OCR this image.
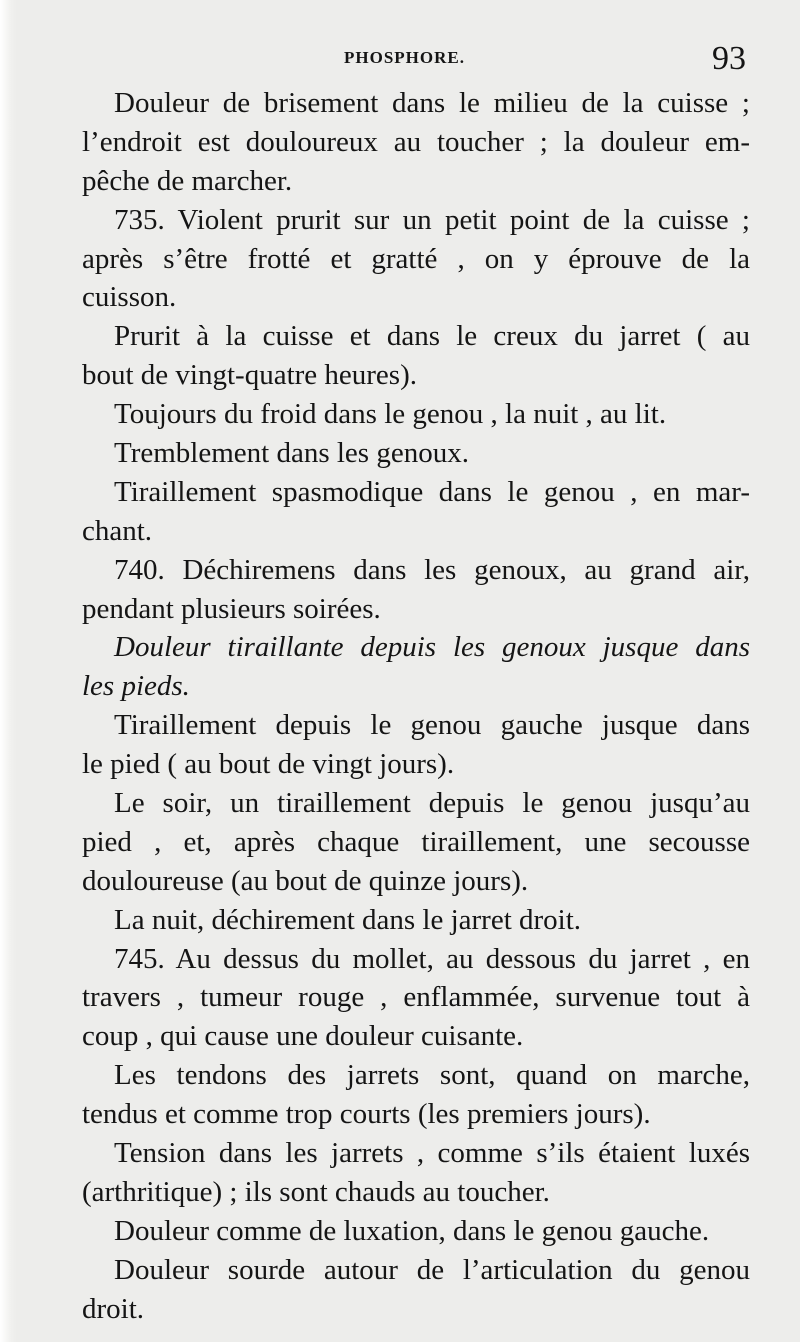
PHOSPHORE.	93
Douleur de brisement dans le milieu de la cuisse ;
l’endroit est douloureux au toucher ; la douleur em-
pêche de marcher.
735. Violent prurit sur un petit point de la cuisse ;
après s’être frotté et gratté , on y éprouve de la
cuisson.
Prurit à la cuisse et dans le creux du jarret ( au
bout de vingt-quatre heures).
Toujours du froid dans le genou , la nuit , au lit.
Tremblement dans les genoux.
Tiraillement spasmodique dans le genou , en mar-
chant.
740. Déchiremens dans les genoux, au grand air,
pendant plusieurs soirées.
Douleur tiraillante depuis les genoux jusque dans
les pieds.
Tiraillement depuis le genou gauche jusque dans
le pied ( au bout de vingt jours).
Le soir, un tiraillement depuis le genou jusqu’au
pied , et, après chaque tiraillement, une secousse
douloureuse (au bout de quinze jours).
La nuit, déchirement dans le jarret droit.
745. Au dessus du mollet, au dessous du jarret , en
travers , tumeur rouge , enflammée, survenue tout à
coup , qui cause une douleur cuisante.
Les tendons des jarrets sont, quand on marche,
tendus et comme trop courts (les premiers jours).
Tension dans les jarrets , comme s’ils étaient luxés
(arthritique) ; ils sont chauds au toucher.
Douleur comme de luxation, dans le genou gauche.
Douleur sourde autour de l’articulation du genou
droit.
